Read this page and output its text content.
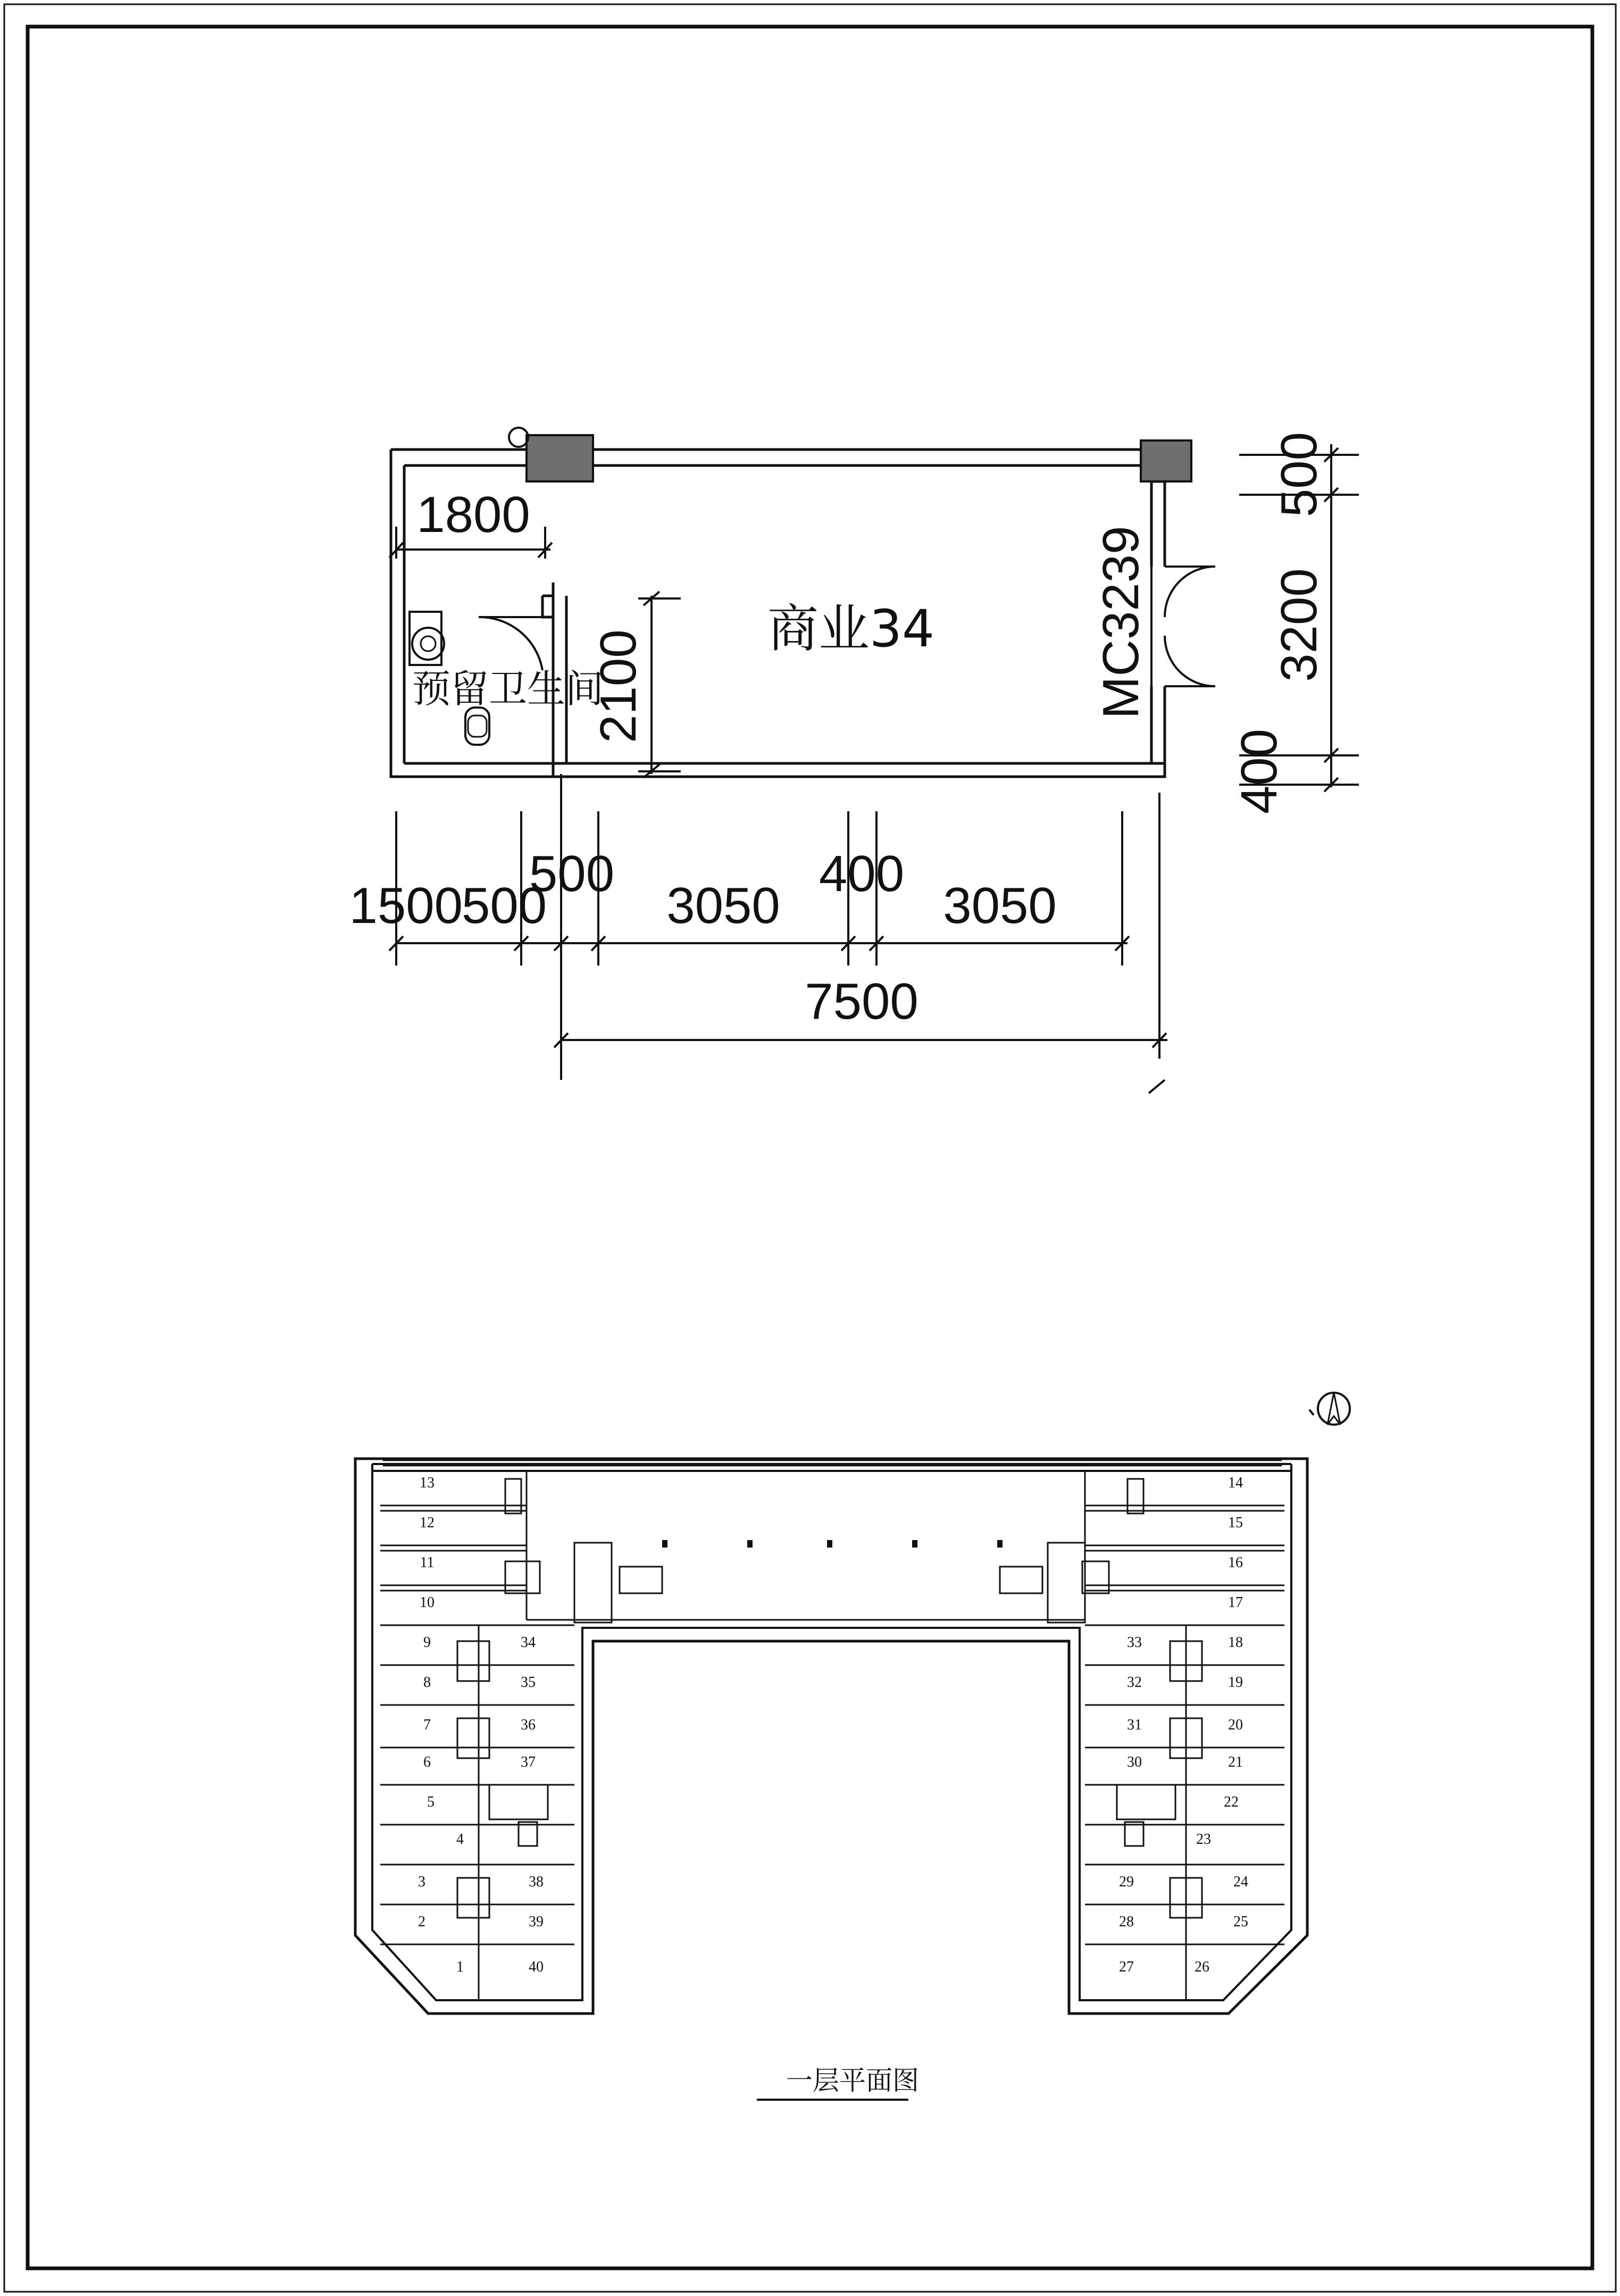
1800
2100
商业34
预留卫生间	MC3239
1500
500
500
3050
400
3050
7500
500
3200
400
13
12
11
10
9
8
7
6
5
4
3
2
1
34
35
36
37
38
39
40
14
15
16
17
18
19
20
21
22
23
24
25
26
33
32
31
30
29
28
27
一层平面图
